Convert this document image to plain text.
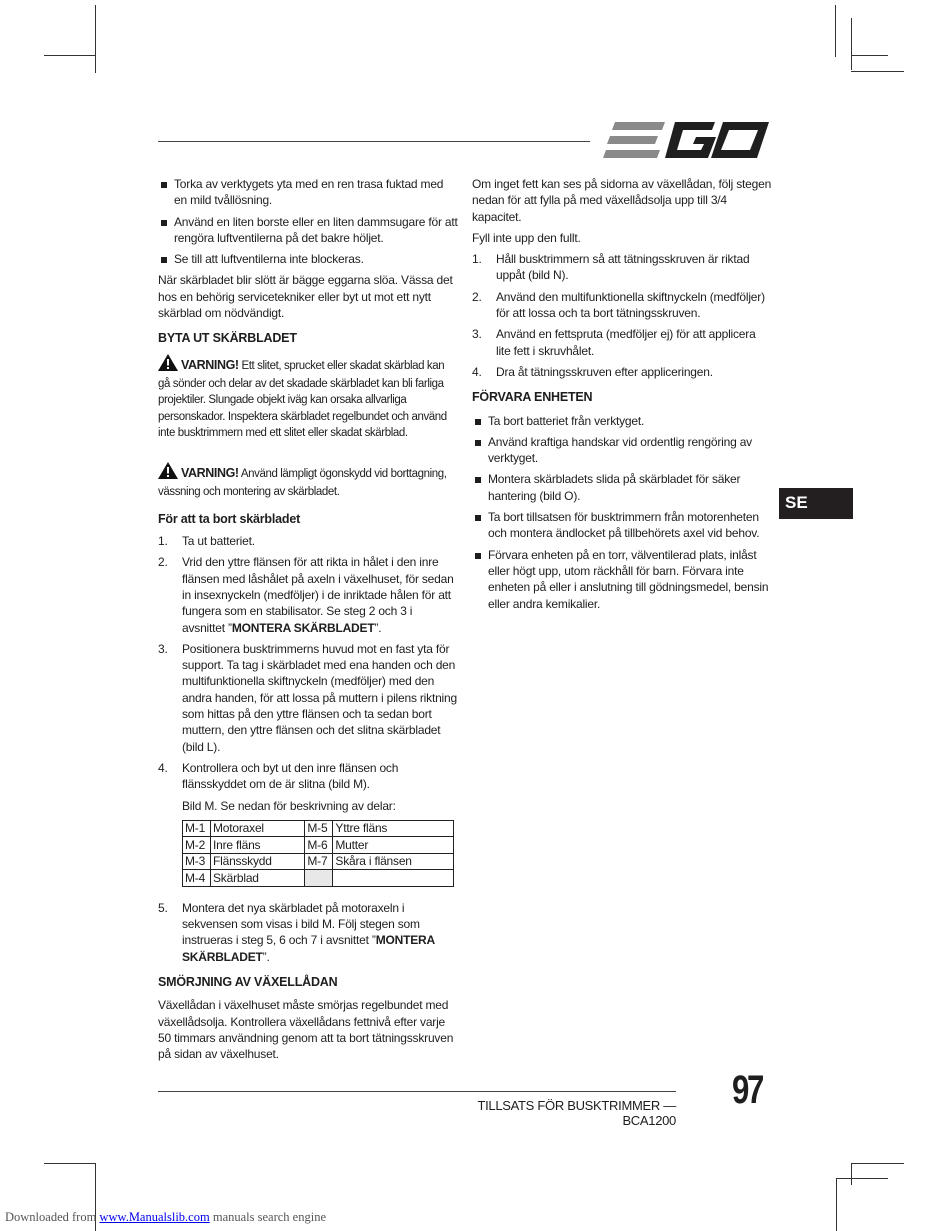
Torka av verktygets yta med en ren trasa fuktad med en mild tvållösning.
Använd en liten borste eller en liten dammsugare för att rengöra luftventilerna på det bakre höljet.
Se till att luftventilerna inte blockeras.
När skärbladet blir slött är bägge eggarna slöa. Vässa det hos en behörig servicetekniker eller byt ut mot ett nytt skärblad om nödvändigt.
BYTA UT SKÄRBLADET
VARNING! Ett slitet, sprucket eller skadat skärblad kan gå sönder och delar av det skadade skärbladet kan bli farliga projektiler. Slungade objekt iväg kan orsaka allvarliga personskador. Inspektera skärbladet regelbundet och använd inte busktrimmern med ett slitet eller skadat skärblad.
VARNING! Använd lämpligt ögonskydd vid borttagning, vässning och montering av skärbladet.
För att ta bort skärbladet
1. Ta ut batteriet.
2. Vrid den yttre flänsen för att rikta in hålet i den inre flänsen med låshålet på axeln i växelhuset, för sedan in insexnyckeln (medföljer) i de inriktade hålen för att fungera som en stabilisator. Se steg 2 och 3 i avsnittet ”MONTERA SKÄRBLADET”.
3. Positionera busktrimmerns huvud mot en fast yta för support. Ta tag i skärbladet med ena handen och den multifunktionella skiftnyckeln (medföljer) med den andra handen, för att lossa på muttern i pilens riktning som hittas på den yttre flänsen och ta sedan bort muttern, den yttre flänsen och det slitna skärbladet (bild L).
4. Kontrollera och byt ut den inre flänsen och flänsskyddet om de är slitna (bild M).
Bild M. Se nedan för beskrivning av delar:
M-1	Motoraxel	M-5	Yttre fläns
M-2	Inre fläns	M-6	Mutter
M-3	Flänsskydd	M-7	Skåra i flänsen
M-4	Skärblad		
5. Montera det nya skärbladet på motoraxeln i sekvensen som visas i bild M. Följ stegen som instrueras i steg 5, 6 och 7 i avsnittet ”MONTERA SKÄRBLADET”.
SMÖRJNING AV VÄXELLÅDAN
Växellådan i växelhuset måste smörjas regelbundet med växellådsolja. Kontrollera växellådans fettnivå efter varje 50 timmars användning genom att ta bort tätningsskruven på sidan av växelhuset.
Om inget fett kan ses på sidorna av växellådan, följ stegen nedan för att fylla på med växellådsolja upp till 3/4 kapacitet.
Fyll inte upp den fullt.
1. Håll busktrimmern så att tätningsskruven är riktad uppåt (bild N).
2. Använd den multifunktionella skiftnyckeln (medföljer) för att lossa och ta bort tätningsskruven.
3. Använd en fettspruta (medföljer ej) för att applicera lite fett i skruvhålet.
4. Dra åt tätningsskruven efter appliceringen.
FÖRVARA ENHETEN
Ta bort batteriet från verktyget.
Använd kraftiga handskar vid ordentlig rengöring av verktyget.
Montera skärbladets slida på skärbladet för säker hantering (bild O).
Ta bort tillsatsen för busktrimmern från motorenheten och montera ändlocket på tillbehörets axel vid behov.
Förvara enheten på en torr, välventilerad plats, inlåst eller högt upp, utom räckhåll för barn. Förvara inte enheten på eller i anslutning till gödningsmedel, bensin eller andra kemikalier.
SE
TILLSATS FÖR BUSKTRIMMER — BCA1200
97
Downloaded from www.Manualslib.com manuals search engine
